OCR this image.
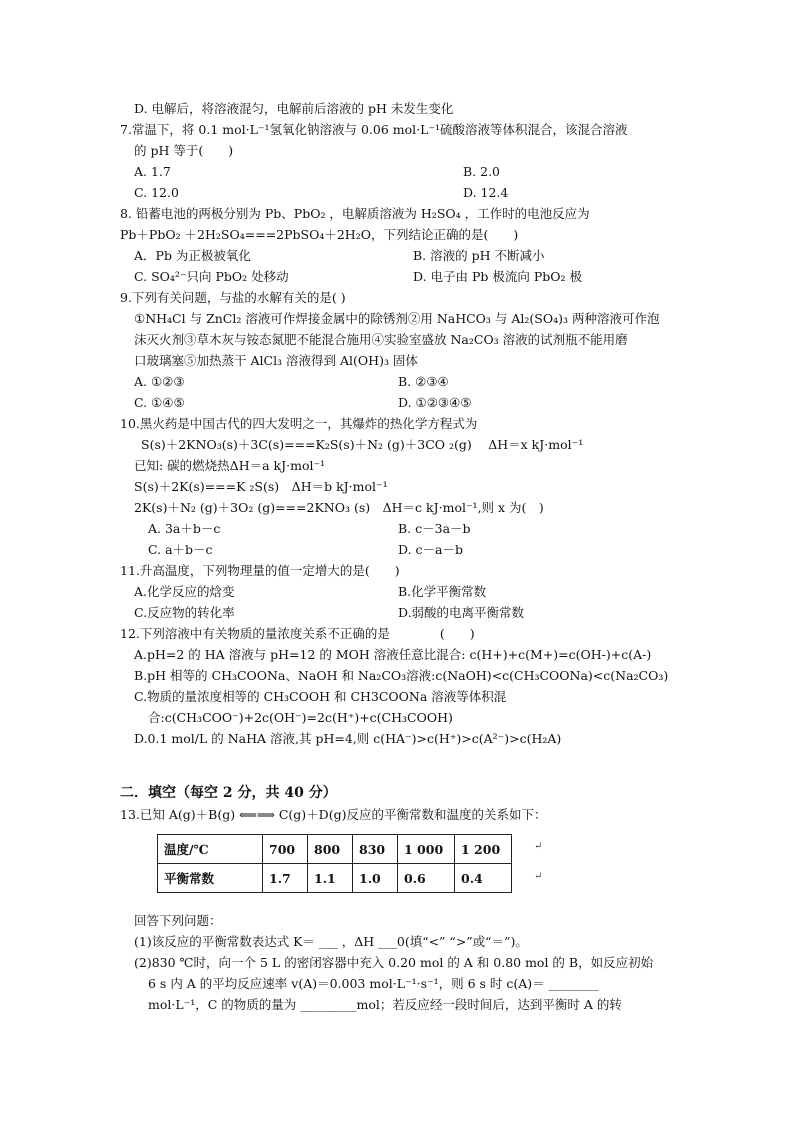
D. 电解后，将溶液混匀，电解前后溶液的 pH 未发生变化
7.常温下，将 0.1 mol·L⁻¹氢氧化钠溶液与 0.06 mol·L⁻¹硫酸溶液等体积混合，该混合溶液
的 pH 等于(　　)
A. 1.7	B. 2.0
C. 12.0	D. 12.4
8. 铅蓄电池的两极分别为 Pb、PbO₂ ，电解质溶液为 H₂SO₄ ，工作时的电池反应为
Pb＋PbO₂ ＋2H₂SO₄===2PbSO₄＋2H₂O，下列结论正确的是(　　)
A．Pb 为正极被氧化	B. 溶液的 pH 不断减小
C. SO₄²⁻只向 PbO₂ 处移动	D. 电子由 Pb 极流向 PbO₂ 极
9.下列有关问题，与盐的水解有关的是( )
①NH₄Cl 与 ZnCl₂ 溶液可作焊接金属中的除锈剂②用 NaHCO₃ 与 Al₂(SO₄)₃ 两种溶液可作泡
沫灭火剂③草木灰与铵态氮肥不能混合施用④实验室盛放 Na₂CO₃ 溶液的试剂瓶不能用磨
口玻璃塞⑤加热蒸干 AlCl₃ 溶液得到 Al(OH)₃ 固体
A. ①②③	B. ②③④
C. ①④⑤	D. ①②③④⑤
10.黑火药是中国古代的四大发明之一，其爆炸的热化学方程式为
S(s)＋2KNO₃(s)＋3C(s)===K₂S(s)＋N₂ (g)＋3CO ₂(g)　 ΔH＝x kJ·mol⁻¹
已知: 碳的燃烧热ΔH＝a kJ·mol⁻¹
S(s)＋2K(s)===K ₂S(s)　ΔH＝b kJ·mol⁻¹
2K(s)＋N₂ (g)＋3O₂ (g)===2KNO₃ (s)　ΔH＝c kJ·mol⁻¹,则 x 为(　)
A. 3a＋b－c	B. c－3a－b
C. a＋b－c	D. c－a－b
11.升高温度，下列物理量的值一定增大的是(　　)
A.化学反应的焓变	B.化学平衡常数
C.反应物的转化率	D.弱酸的电离平衡常数
12.下列溶液中有关物质的量浓度关系不正确的是　　　　(　　)
A.pH=2 的 HA 溶液与 pH=12 的 MOH 溶液任意比混合: c(H+)+c(M+)=c(OH-)+c(A-)
B.pH 相等的 CH₃COONa、NaOH 和 Na₂CO₃溶液:c(NaOH)<c(CH₃COONa)<c(Na₂CO₃)
C.物质的量浓度相等的 CH₃COOH 和 CH3COONa 溶液等体积混
合:c(CH₃COO⁻)+2c(OH⁻)=2c(H⁺)+c(CH₃COOH)
D.0.1 mol/L 的 NaHA 溶液,其 pH=4,则 c(HA⁻)>c(H⁺)>c(A²⁻)>c(H₂A)
二．填空（每空 2 分，共 40 分）
13.已知 A(g)＋B(g) ⟸⟹ C(g)＋D(g)反应的平衡常数和温度的关系如下：
温度/℃	700	800	830	1 000	1 200
平衡常数	1.7	1.1	1.0	0.6	0.4
↵
↵
回答下列问题：
(1)该反应的平衡常数表达式 K＝ ___ ，ΔH ___0(填“<” “>”或“＝”)。
(2)830 ℃时，向一个 5 L 的密闭容器中充入 0.20 mol 的 A 和 0.80 mol 的 B，如反应初始
6 s 内 A 的平均反应速率 v(A)＝0.003 mol·L⁻¹·s⁻¹，则 6 s 时 c(A)＝ ________
mol·L⁻¹，C 的物质的量为 _________mol；若反应经一段时间后，达到平衡时 A 的转
